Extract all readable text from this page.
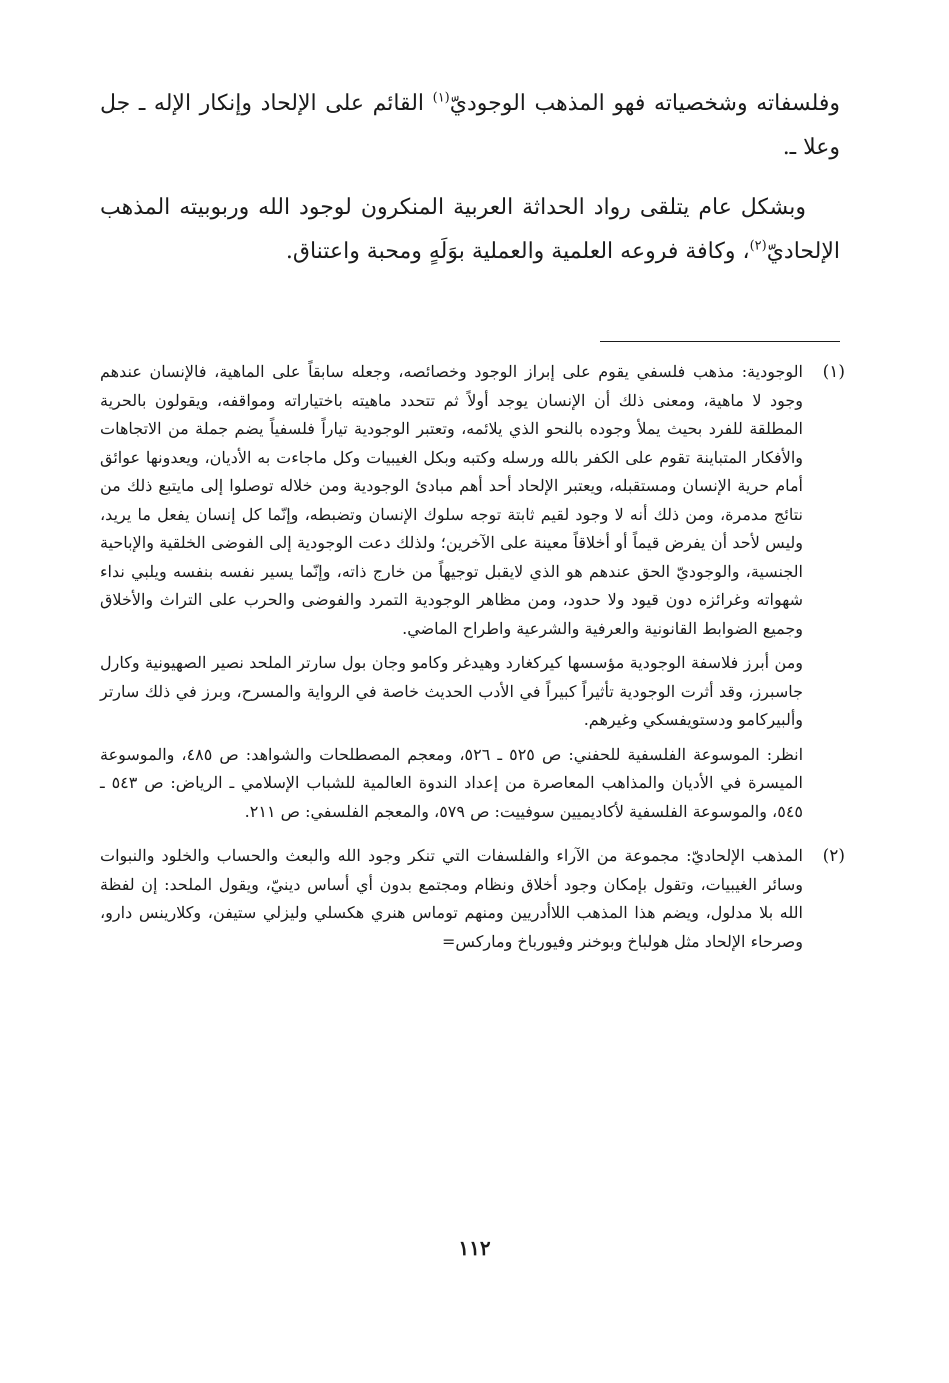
وفلسفاته وشخصياته فهو المذهب الوجوديّ$^{(١)}$ القائم على الإلحاد وإنكار الإله ـ جل وعلا ـ.

وبشكل عام يتلقى رواد الحداثة العربية المنكرون لوجود الله وربوبيته المذهب الإلحاديّ$^{(٢)}$، وكافة فروعه العلمية والعملية بوَلَهٍ ومحبة واعتناق.

(١)

الوجودية: مذهب فلسفي يقوم على إبراز الوجود وخصائصه، وجعله سابقاً على الماهية، فالإنسان عندهم وجود لا ماهية، ومعنى ذلك أن الإنسان يوجد أولاً ثم تتحدد ماهيته باختياراته ومواقفه، ويقولون بالحرية المطلقة للفرد بحيث يملأ وجوده بالنحو الذي يلائمه، وتعتبر الوجودية تياراً فلسفياً يضم جملة من الاتجاهات والأفكار المتباينة تقوم على الكفر بالله ورسله وكتبه وبكل الغيبيات وكل ماجاءت به الأديان، ويعدونها عوائق أمام حرية الإنسان ومستقبله، ويعتبر الإلحاد أحد أهم مبادئ الوجودية ومن خلاله توصلوا إلى مايتبع ذلك من نتائج مدمرة، ومن ذلك أنه لا وجود لقيم ثابتة توجه سلوك الإنسان وتضبطه، وإنّما كل إنسان يفعل ما يريد، وليس لأحد أن يفرض قيماً أو أخلاقاً معينة على الآخرين؛ ولذلك دعت الوجودية إلى الفوضى الخلقية والإباحية الجنسية، والوجوديّ الحق عندهم هو الذي لايقبل توجيهاً من خارج ذاته، وإنّما يسير نفسه بنفسه ويلبي نداء شهواته وغرائزه دون قيود ولا حدود، ومن مظاهر الوجودية التمرد والفوضى والحرب على التراث والأخلاق وجميع الضوابط القانونية والعرفية والشرعية واطراح الماضي.

ومن أبرز فلاسفة الوجودية مؤسسها كيركغارد وهيدغر وكامو وجان بول سارتر الملحد نصير الصهيونية وكارل جاسبرز، وقد أثرت الوجودية تأثيراً كبيراً في الأدب الحديث خاصة في الرواية والمسرح، وبرز في ذلك سارتر وألبيركامو ودستويفسكي وغيرهم.

انظر: الموسوعة الفلسفية للحفني: ص ٥٢٥ ـ ٥٢٦، ومعجم المصطلحات والشواهد: ص ٤٨٥، والموسوعة الميسرة في الأديان والمذاهب المعاصرة من إعداد الندوة العالمية للشباب الإسلامي ـ الرياض: ص ٥٤٣ ـ ٥٤٥، والموسوعة الفلسفية لأكاديميين سوفييت: ص ٥٧٩، والمعجم الفلسفي: ص ٢١١.

(٢)

المذهب الإلحاديّ: مجموعة من الآراء والفلسفات التي تنكر وجود الله والبعث والحساب والخلود والنبوات وسائر الغيبيات، وتقول بإمكان وجود أخلاق ونظام ومجتمع بدون أي أساس دينيّ، ويقول الملحد: إن لفظة الله بلا مدلول، ويضم هذا المذهب اللاأدريين ومنهم توماس هنري هكسلي وليزلي ستيفن، وكلارينس دارو، وصرحاء الإلحاد مثل هولباخ وبوخنر وفيورباخ وماركس=

١١٢
